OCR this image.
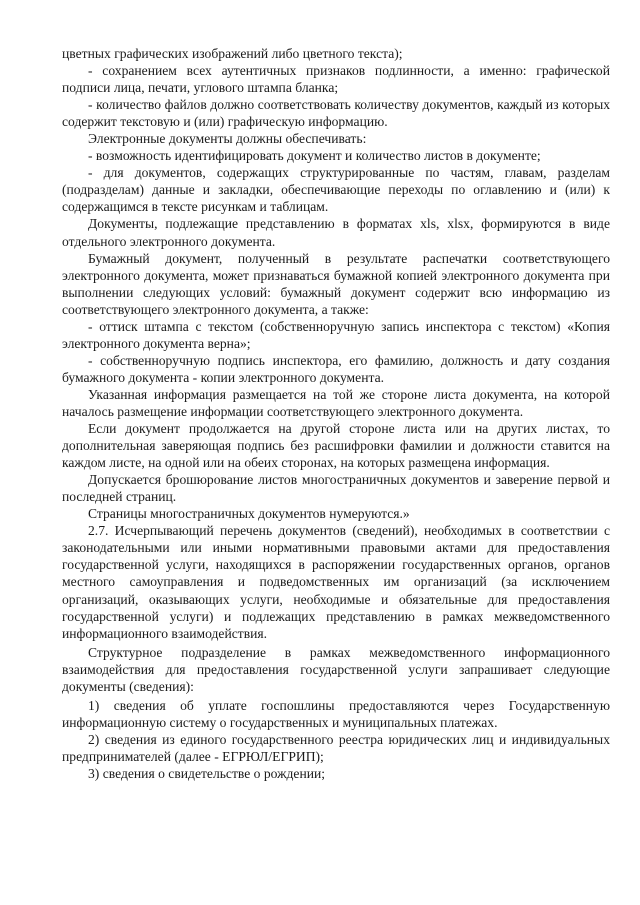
цветных графических изображений либо цветного текста);

- сохранением всех аутентичных признаков подлинности, а именно: графической подписи лица, печати, углового штампа бланка;

- количество файлов должно соответствовать количеству документов, каждый из которых содержит текстовую и (или) графическую информацию.

Электронные документы должны обеспечивать:

- возможность идентифицировать документ и количество листов в документе;

- для документов, содержащих структурированные по частям, главам, разделам (подразделам) данные и закладки, обеспечивающие переходы по оглавлению и (или) к содержащимся в тексте рисункам и таблицам.

Документы, подлежащие представлению в форматах xls, xlsx, формируются в виде отдельного электронного документа.

Бумажный документ, полученный в результате распечатки соответствующего электронного документа, может признаваться бумажной копией электронного документа при выполнении следующих условий: бумажный документ содержит всю информацию из соответствующего электронного документа, а также:

- оттиск штампа с текстом (собственноручную запись инспектора с текстом) «Копия электронного документа верна»;

- собственноручную подпись инспектора, его фамилию, должность и дату создания бумажного документа - копии электронного документа.

Указанная информация размещается на той же стороне листа документа, на которой началось размещение информации соответствующего электронного документа.

Если документ продолжается на другой стороне листа или на других листах, то дополнительная заверяющая подпись без расшифровки фамилии и должности ставится на каждом листе, на одной или на обеих сторонах, на которых размещена информация.

Допускается брошюрование листов многостраничных документов и заверение первой и последней страниц.

Страницы многостраничных документов нумеруются.»

2.7. Исчерпывающий перечень документов (сведений), необходимых в соответствии с законодательными или иными нормативными правовыми актами для предоставления государственной услуги, находящихся в распоряжении государственных органов, органов местного самоуправления и подведомственных им организаций (за исключением организаций, оказывающих услуги, необходимые и обязательные для предоставления государственной услуги) и подлежащих представлению в рамках межведомственного информационного взаимодействия.

Структурное подразделение в рамках межведомственного информационного взаимодействия для предоставления государственной услуги запрашивает следующие документы (сведения):

1) сведения об уплате госпошлины предоставляются через Государственную информационную систему о государственных и муниципальных платежах.

2) сведения из единого государственного реестра юридических лиц и индивидуальных предпринимателей (далее - ЕГРЮЛ/ЕГРИП);

3) сведения о свидетельстве о рождении;
